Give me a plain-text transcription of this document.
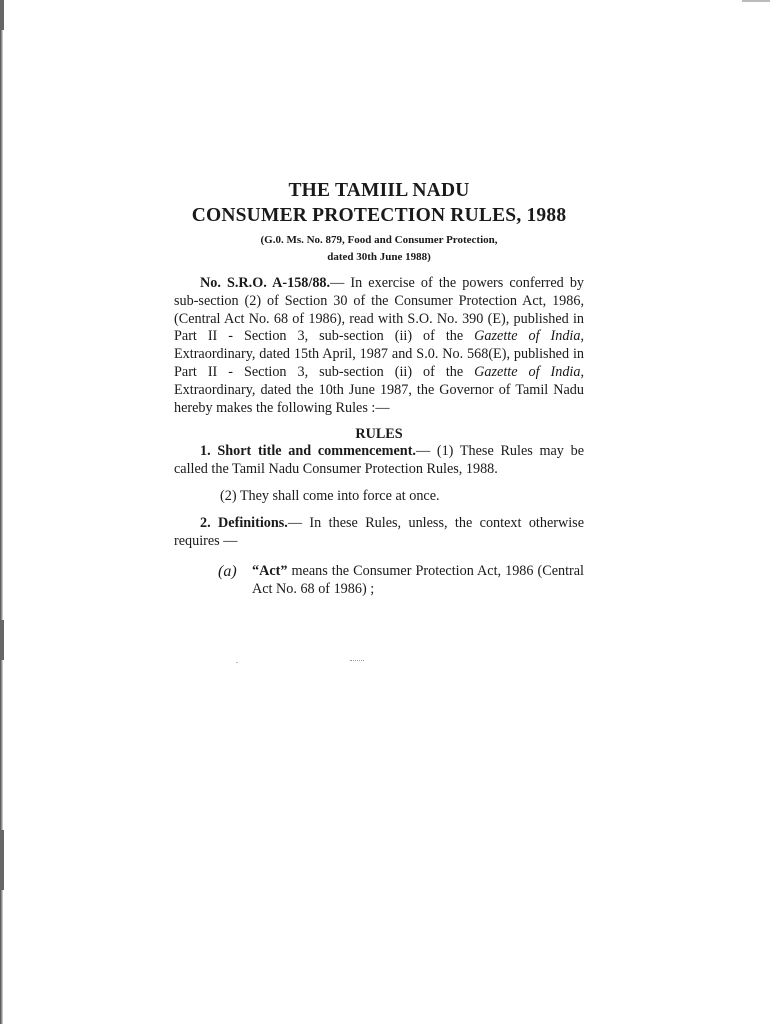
THE TAMIIL NADU
CONSUMER PROTECTION RULES, 1988
(G.0. Ms. No. 879, Food and Consumer Protection,
dated 30th June 1988)

No. S.R.O. A-158/88.— In exercise of the powers conferred by sub-section (2) of Section 30 of the Consumer Protection Act, 1986, (Central Act No. 68 of 1986), read with S.O. No. 390 (E), published in Part II - Section 3, sub-section (ii) of the Gazette of India, Extraordinary, dated 15th April, 1987 and S.0. No. 568(E), published in Part II - Section 3, sub-section (ii) of the Gazette of India, Extraordinary, dated the 10th June 1987, the Governor of Tamil Nadu hereby makes the following Rules :—

RULES

1. Short title and commencement.— (1) These Rules may be called the Tamil Nadu Consumer Protection Rules, 1988.

(2) They shall come into force at once.

2. Definitions.— In these Rules, unless, the context otherwise requires —

(a)	“Act” means the Consumer Protection Act, 1986 (Central Act No. 68 of 1986) ;
